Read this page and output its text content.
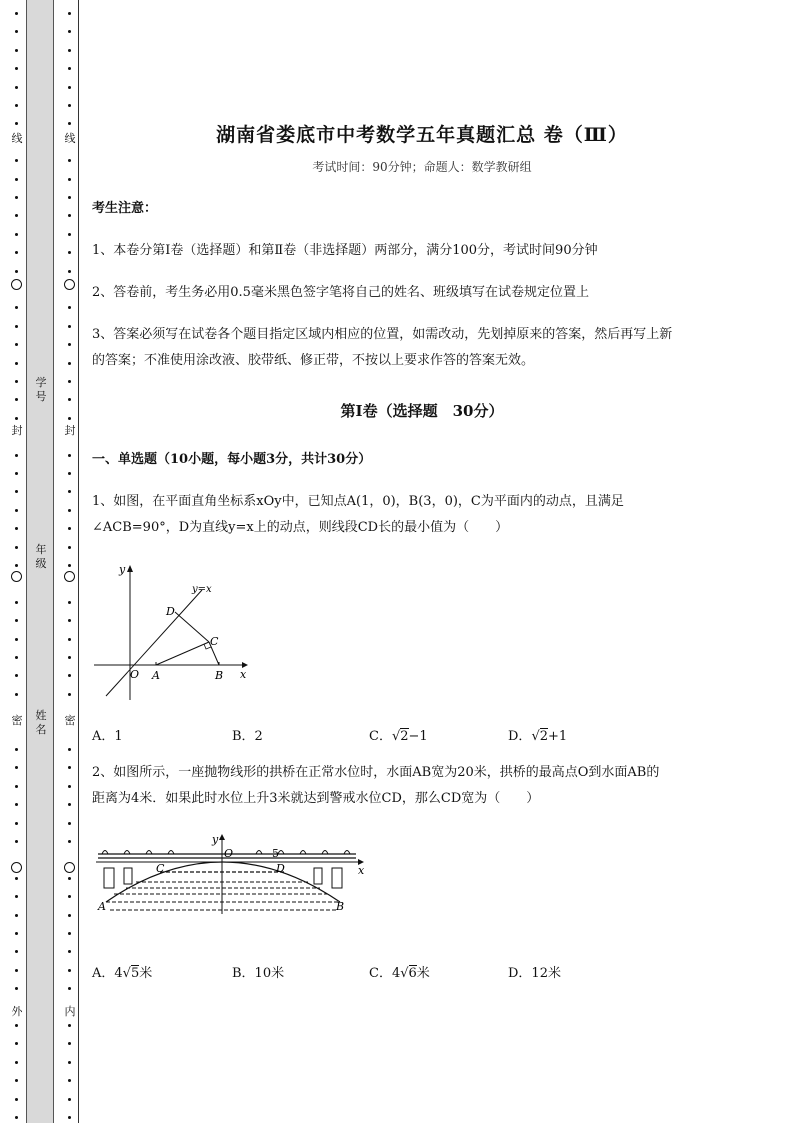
线
封
密
外
学号
年级
姓名
线
封
密
内
湖南省娄底市中考数学五年真题汇总 卷（Ⅲ）
考试时间：90分钟；命题人：数学教研组
考生注意：
1、本卷分第I卷（选择题）和第Ⅱ卷（非选择题）两部分，满分100分，考试时间90分钟
2、答卷前，考生务必用0.5毫米黑色签字笔将自己的姓名、班级填写在试卷规定位置上
3、答案必须写在试卷各个题目指定区域内相应的位置，如需改动，先划掉原来的答案，然后再写上新
的答案；不准使用涂改液、胶带纸、修正带，不按以上要求作答的答案无效。
第I卷（选择题　30分）
一、单选题（10小题，每小题3分，共计30分）
1、如图，在平面直角坐标系xOy中，已知点A(1，0)，B(3，0)，C为平面内的动点，且满足
∠ACB=90°，D为直线y=x上的动点，则线段CD长的最小值为（　　）
y
x
O A	B
C
D
y=x
A．1	B．2	C．√2−1	D．√2+1
2、如图所示，一座抛物线形的拱桥在正常水位时，水面AB宽为20米，拱桥的最高点O到水面AB的
距离为4米．如果此时水位上升3米就达到警戒水位CD，那么CD宽为（　　）
y
O	5
x
C	D
A	B
A．4√5米	B．10米	C．4√6米	D．12米
